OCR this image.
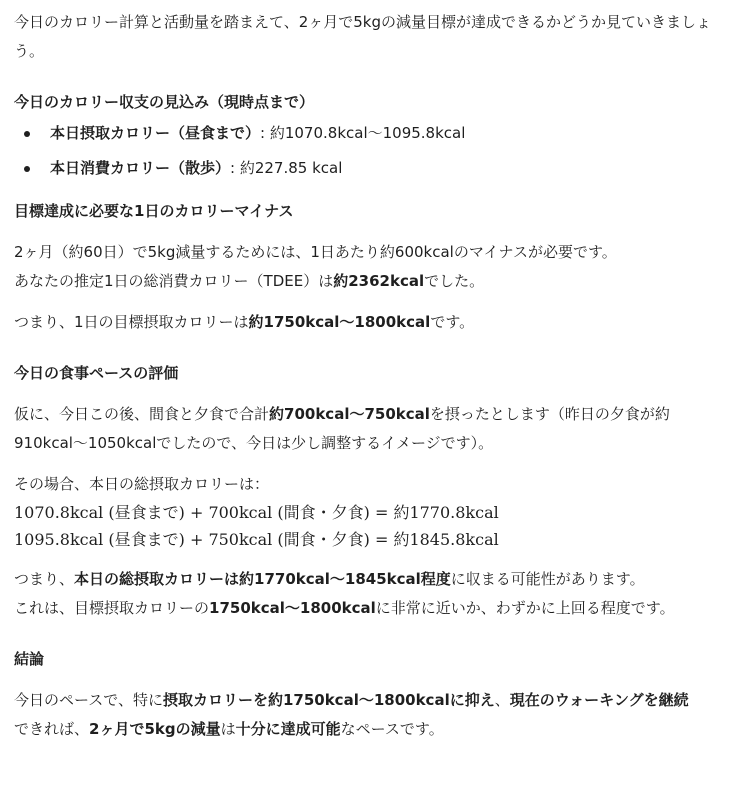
今日のカロリー計算と活動量を踏まえて、2ヶ月で5kgの減量目標が達成できるかどうか見ていきましょう。

今日のカロリー収支の見込み（現時点まで）
本日摂取カロリー（昼食まで）: 約1070.8kcal〜1095.8kcal
本日消費カロリー（散歩）: 約227.85 kcal
目標達成に必要な1日のカロリーマイナス

2ヶ月（約60日）で5kg減量するためには、1日あたり約600kcalのマイナスが必要です。
あなたの推定1日の総消費カロリー（TDEE）は約2362kcalでした。

つまり、1日の目標摂取カロリーは約1750kcal〜1800kcalです。

今日の食事ペースの評価

仮に、今日この後、間食と夕食で合計約700kcal〜750kcalを摂ったとします（昨日の夕食が約
910kcal〜1050kcalでしたので、今日は少し調整するイメージです）。

その場合、本日の総摂取カロリーは：

1070.8kcal (昼食まで) + 700kcal (間食・夕食) = 約1770.8kcal
1095.8kcal (昼食まで) + 750kcal (間食・夕食) = 約1845.8kcal

つまり、本日の総摂取カロリーは約1770kcal〜1845kcal程度に収まる可能性があります。
これは、目標摂取カロリーの1750kcal〜1800kcalに非常に近いか、わずかに上回る程度です。

結論

今日のペースで、特に摂取カロリーを約1750kcal〜1800kcalに抑え、現在のウォーキングを継続
できれば、2ヶ月で5kgの減量は十分に達成可能なペースです。
